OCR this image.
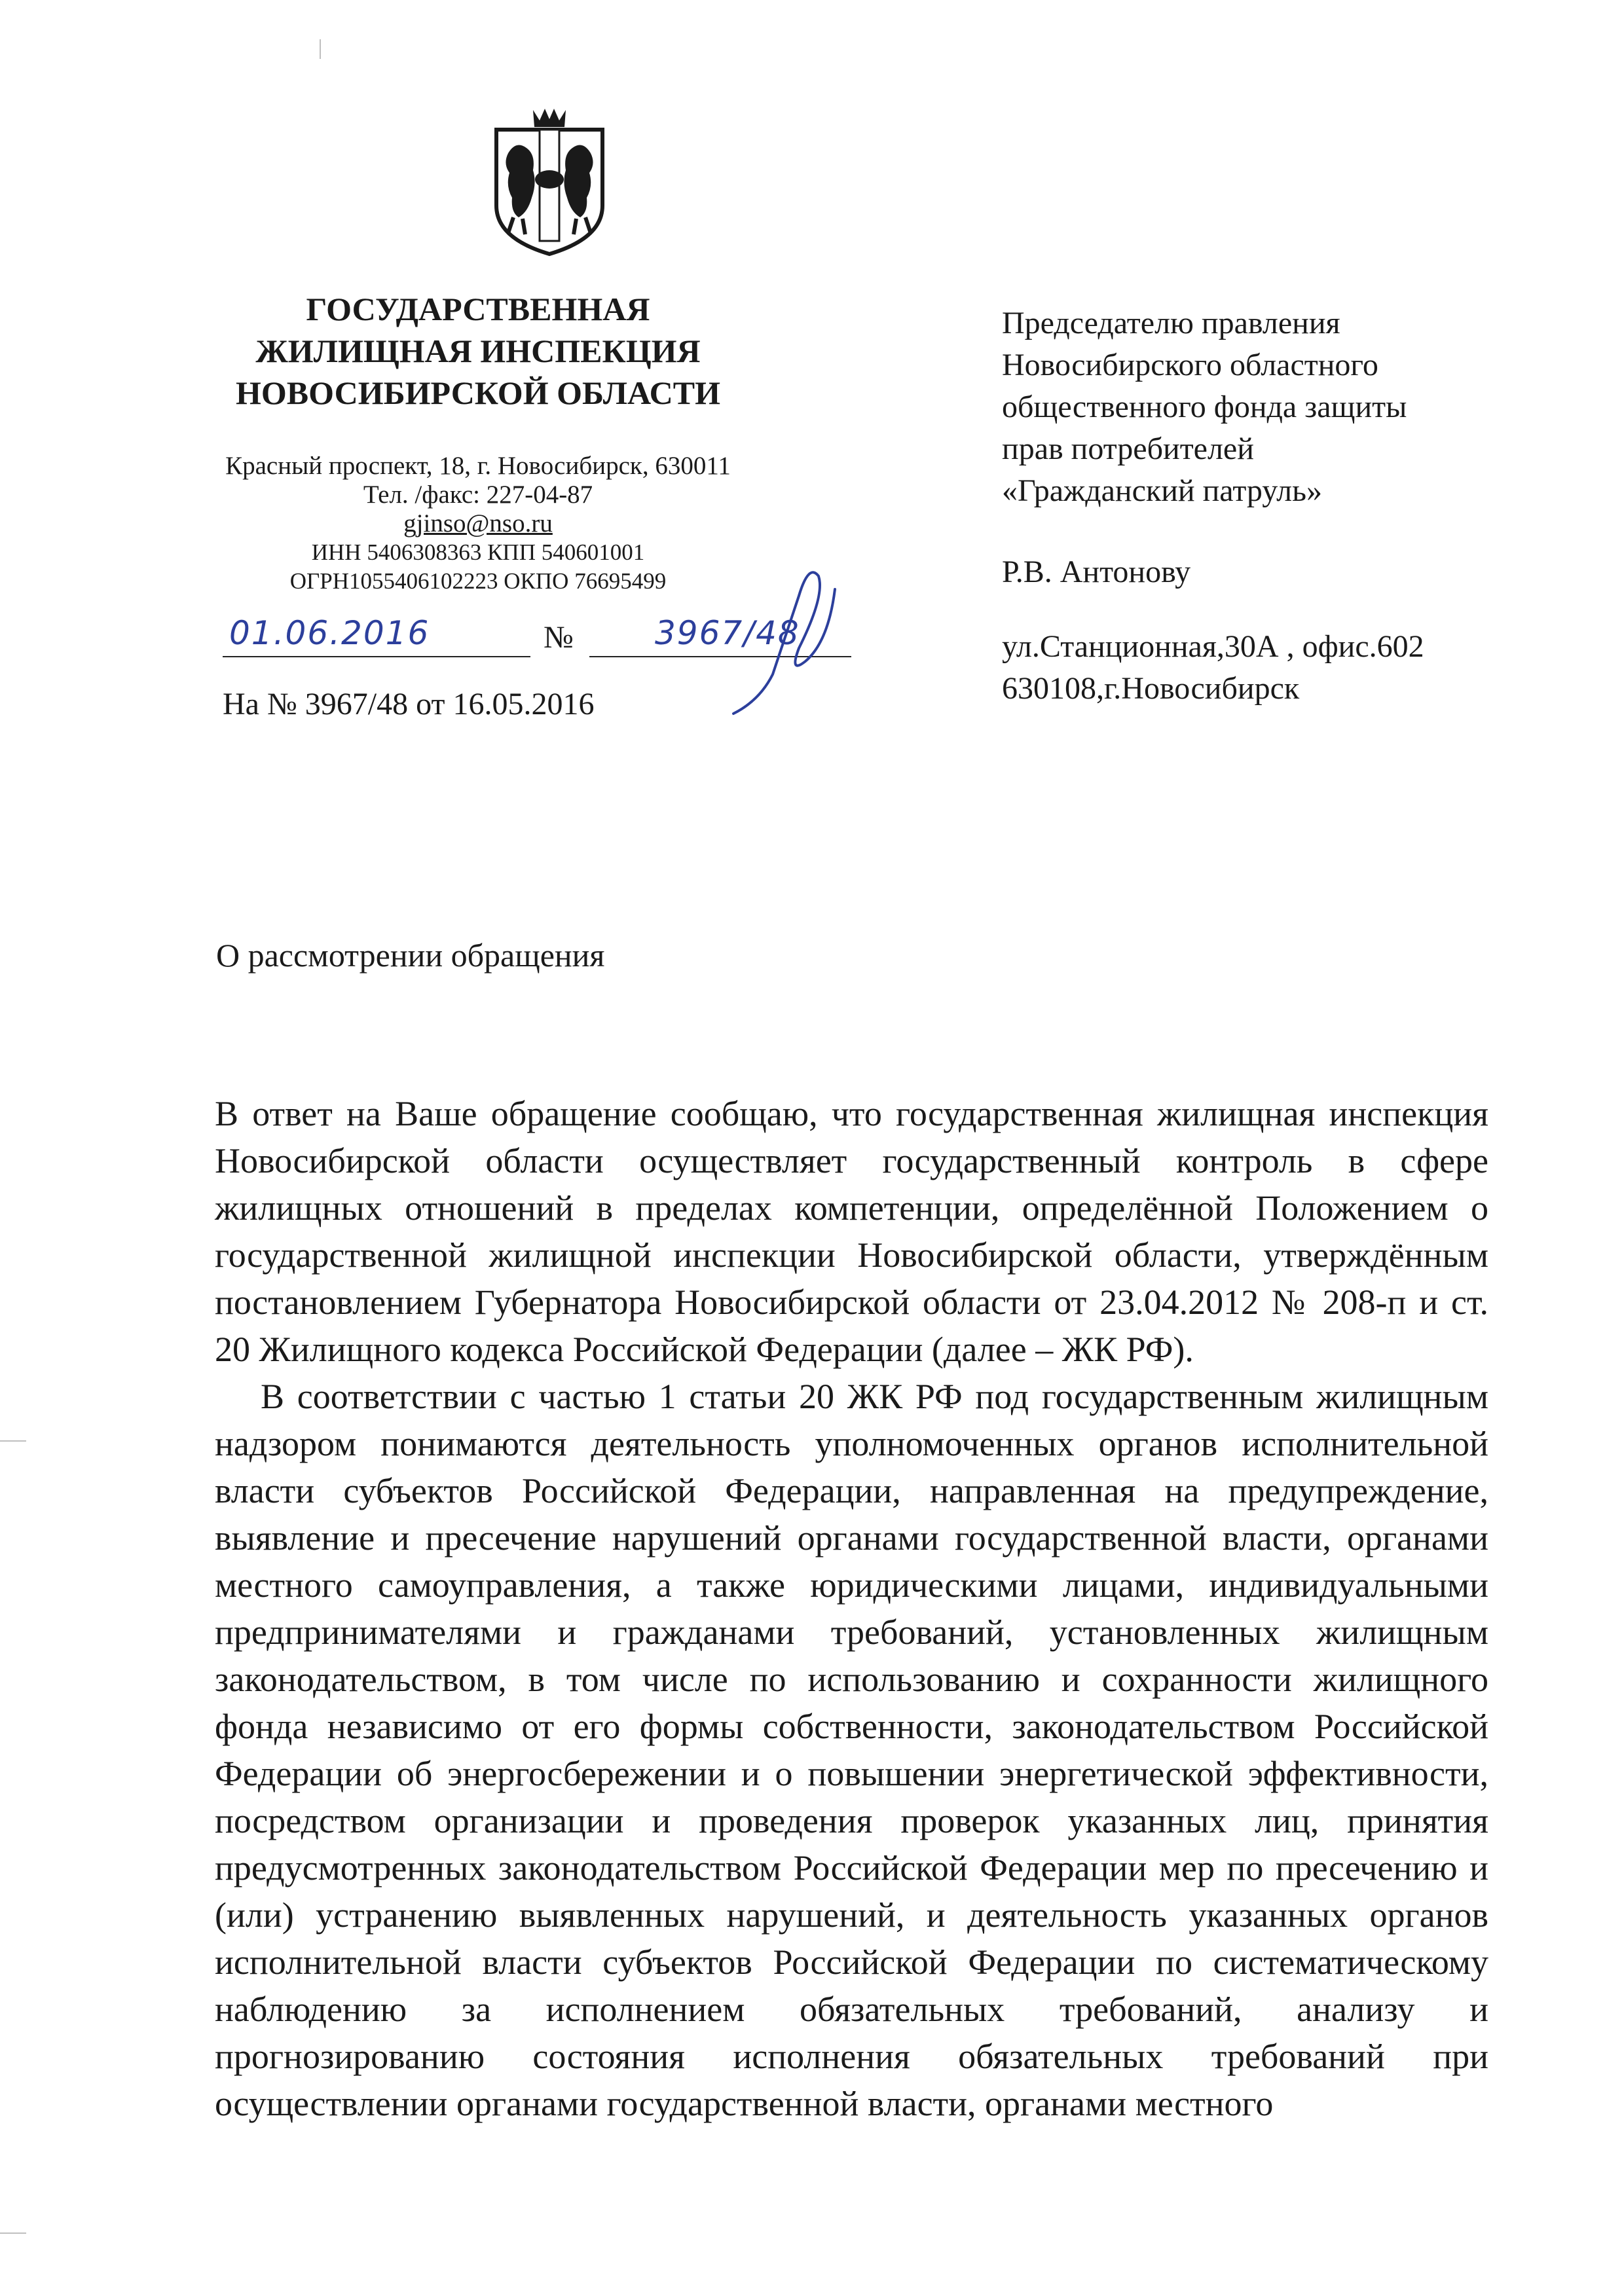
ГОСУДАРСТВЕННАЯ
ЖИЛИЩНАЯ ИНСПЕКЦИЯ
НОВОСИБИРСКОЙ ОБЛАСТИ
Красный проспект, 18, г. Новосибирск, 630011
Тел. /факс: 227-04-87
gjinso@nso.ru
ИНН 5406308363 КПП 540601001
ОГРН1055406102223 ОКПО 76695499
01.06.2016	№ 3967/48
На № 3967/48 от 16.05.2016
Председателю правления
Новосибирского областного
общественного фонда защиты
прав потребителей
«Гражданский патруль»
Р.В. Антонову
ул.Станционная,30А , офис.602
630108,г.Новосибирск
О рассмотрении обращения

В ответ на Ваше обращение сообщаю, что государственная жилищная инспекция Новосибирской области осуществляет государственный контроль в сфере жилищных отношений в пределах компетенции, определённой Положением о государственной жилищной инспекции Новосибирской области, утверждённым постановлением Губернатора Новосибирской области от 23.04.2012 № 208-п и ст. 20 Жилищного кодекса Российской Федерации (далее – ЖК РФ).

В соответствии с частью 1 статьи 20 ЖК РФ под государственным жилищным надзором понимаются деятельность уполномоченных органов исполнительной власти субъектов Российской Федерации, направленная на предупреждение, выявление и пресечение нарушений органами государственной власти, органами местного самоуправления, а также юридическими лицами, индивидуальными предпринимателями и гражданами требований, установленных жилищным законодательством, в том числе по использованию и сохранности жилищного фонда независимо от его формы собственности, законодательством Российской Федерации об энергосбережении и о повышении энергетической эффективности, посредством организации и проведения проверок указанных лиц, принятия предусмотренных законодательством Российской Федерации мер по пресечению и (или) устранению выявленных нарушений, и деятельность указанных органов исполнительной власти субъектов Российской Федерации по систематическому наблюдению за исполнением обязательных требований, анализу и прогнозированию состояния исполнения обязательных требований при осуществлении органами государственной власти, органами местного
